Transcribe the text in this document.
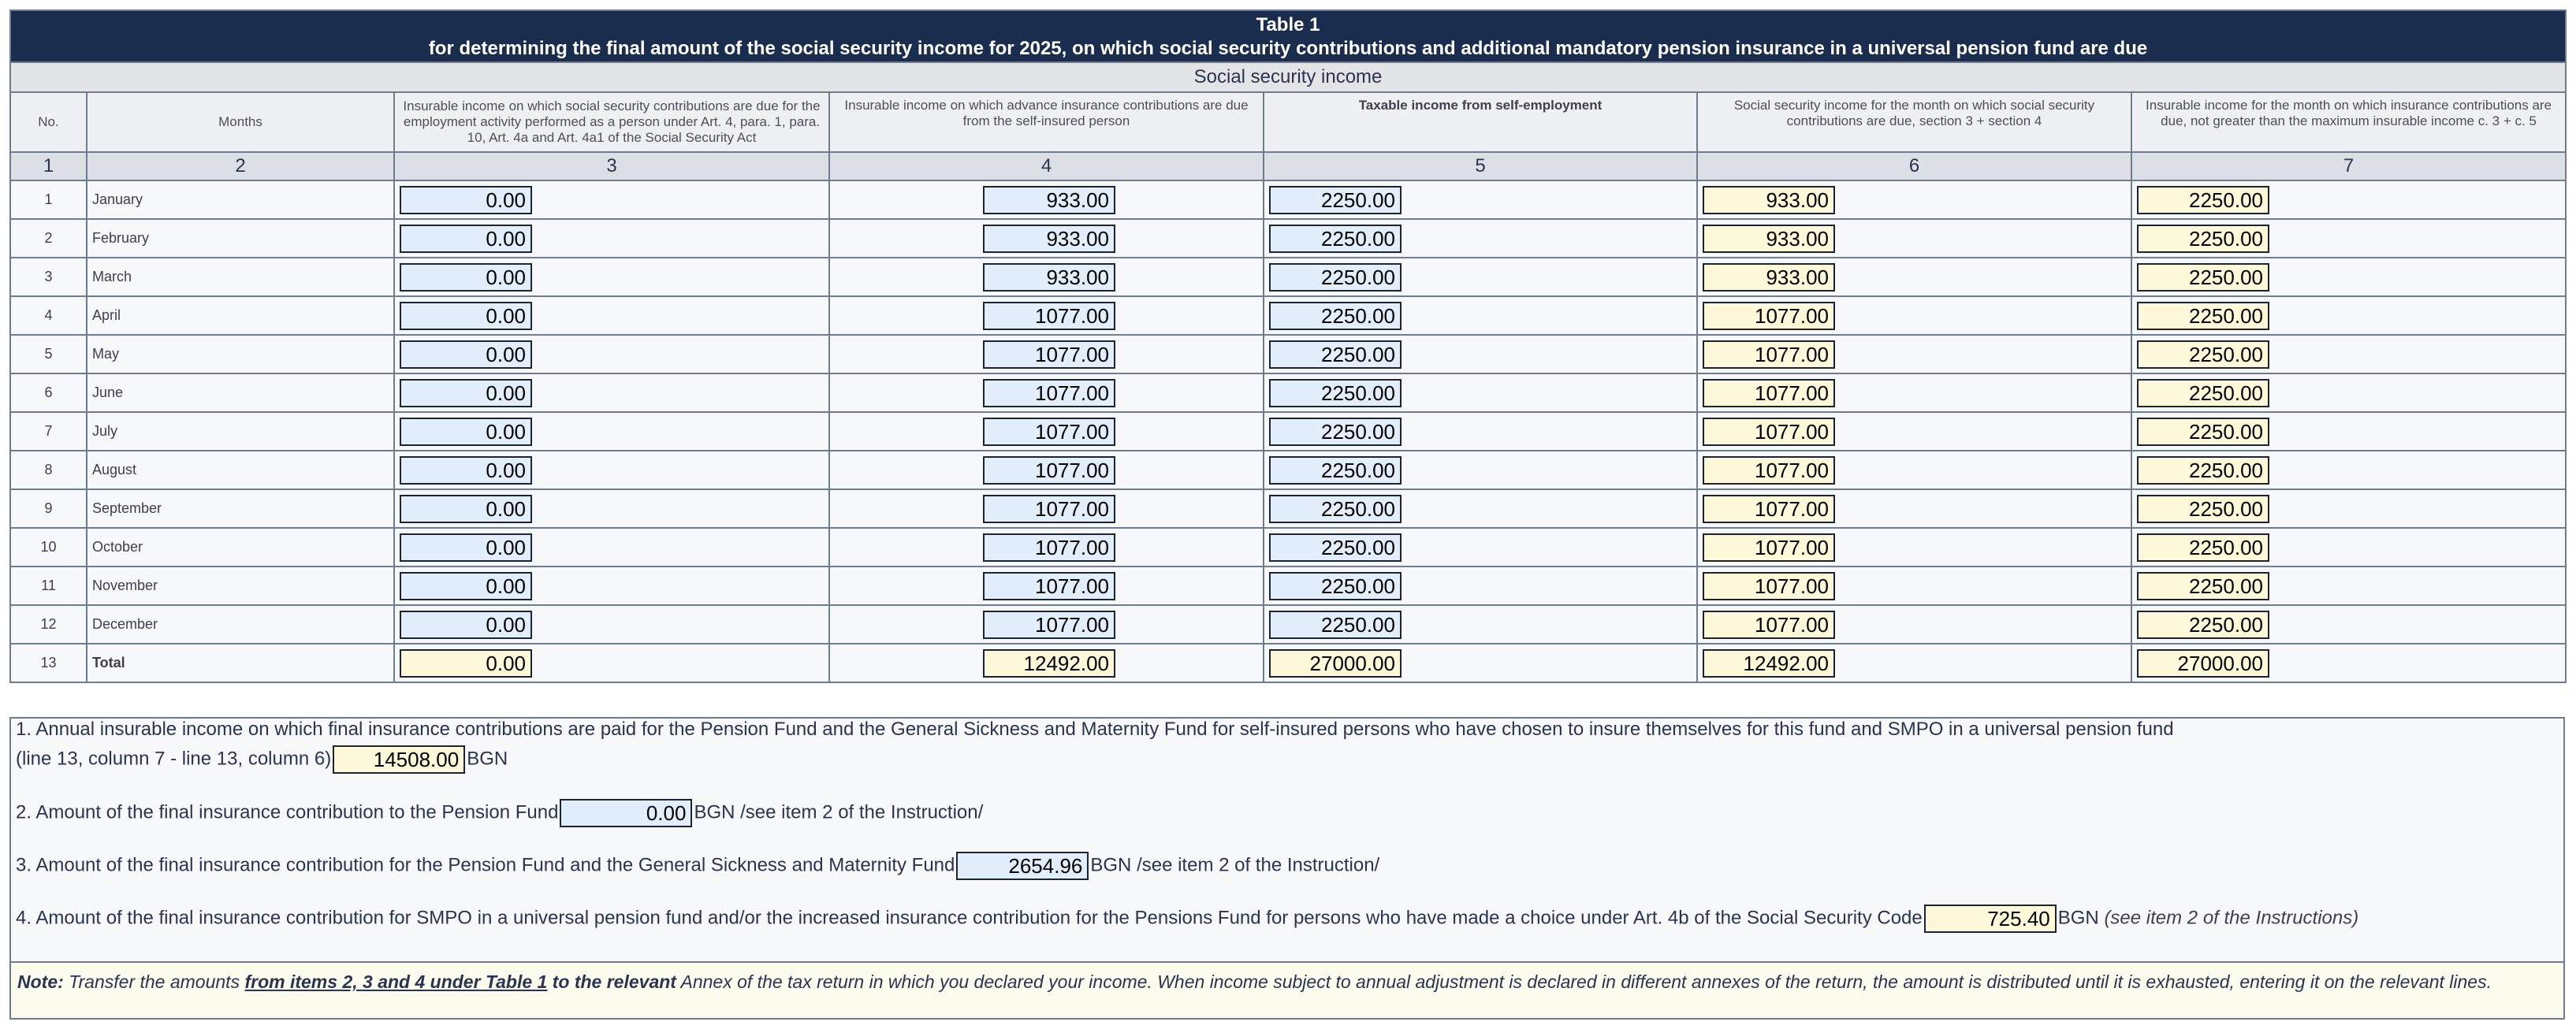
Table 1
for determining the final amount of the social security income for 2025, on which social security contributions and additional mandatory pension insurance in a universal pension fund are due						

Social security income						
No.	Months	Insurable income on which social security contributions are due for the employment activity performed as a person under Art. 4, para. 1, para. 10, Art. 4a and Art. 4a1 of the Social Security Act	Insurable income on which advance insurance contributions are due from the self-insured person	Taxable income from self-employment	Social security income for the month on which social security contributions are due, section 3 + section 4	Insurable income for the month on which insurance contributions are due, not greater than the maximum insurable income c. 3 + c. 5
1	2	3	4	5	6	7
1	January	0.00	933.00	2250.00	933.00	2250.00
2	February	0.00	933.00	2250.00	933.00	2250.00
3	March	0.00	933.00	2250.00	933.00	2250.00
4	April	0.00	1077.00	2250.00	1077.00	2250.00
5	May	0.00	1077.00	2250.00	1077.00	2250.00
6	June	0.00	1077.00	2250.00	1077.00	2250.00
7	July	0.00	1077.00	2250.00	1077.00	2250.00
8	August	0.00	1077.00	2250.00	1077.00	2250.00
9	September	0.00	1077.00	2250.00	1077.00	2250.00
10	October	0.00	1077.00	2250.00	1077.00	2250.00
11	November	0.00	1077.00	2250.00	1077.00	2250.00
12	December	0.00	1077.00	2250.00	1077.00	2250.00
13	Total	0.00	12492.00	27000.00	12492.00	27000.00
1. Annual insurable income on which final insurance contributions are paid for the Pension Fund and the General Sickness and Maternity Fund for self-insured persons who have chosen to insure themselves for this fund and SMPO in a universal pension fund
(line 13, column 7 - line 13, column 6) 14508.00 BGN
2. Amount of the final insurance contribution to the Pension Fund	0.00 BGN /see item 2 of the Instruction/
3. Amount of the final insurance contribution for the Pension Fund and the General Sickness and Maternity Fund	2654.96 BGN /see item 2 of the Instruction/
4. Amount of the final insurance contribution for SMPO in a universal pension fund and/or the increased insurance contribution for the Pensions Fund for persons who have made a choice under Art. 4b of the Social Security Code	725.40 BGN (see item 2 of the Instructions)
Note: Transfer the amounts from items 2, 3 and 4 under Table 1 to the relevant Annex of the tax return in which you declared your income. When income subject to annual adjustment is declared in different annexes of the return, the amount is distributed until it is exhausted, entering it on the relevant lines.
